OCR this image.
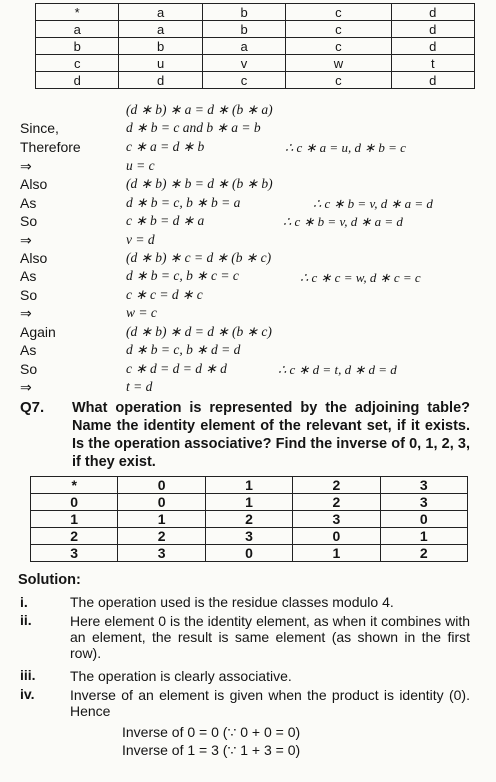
*	a	b	c	d
a	a	b	c	d
b	b	a	c	d
c	u	v	w	t
d	d	c	c	d
(d ∗ b) ∗ a = d ∗ (b ∗ a)
Since,	d ∗ b = c and b ∗ a = b
Therefore	c ∗ a = d ∗ b	∴ c ∗ a = u, d ∗ b = c
⇒	u = c
Also	(d ∗ b) ∗ b = d ∗ (b ∗ b)
As	d ∗ b = c, b ∗ b = a	∴ c ∗ b = v, d ∗ a = d
So	c ∗ b = d ∗ a	∴ c ∗ b = v, d ∗ a = d
⇒	v = d
Also	(d ∗ b) ∗ c = d ∗ (b ∗ c)
As	d ∗ b = c, b ∗ c = c	∴ c ∗ c = w, d ∗ c = c
So	c ∗ c = d ∗ c
⇒	w = c
Again	(d ∗ b) ∗ d = d ∗ (b ∗ c)
As	d ∗ b = c, b ∗ d = d
So	c ∗ d = d = d ∗ d	∴ c ∗ d = t, d ∗ d = d
⇒	t = d
Q7. What operation is represented by the adjoining table? Name the identity element of the relevant set, if it exists. Is the operation associative? Find the inverse of 0, 1, 2, 3, if they exist.
*	0	1	2	3
0	0	1	2	3
1	1	2	3	0
2	2	3	0	1
3	3	0	1	2
Solution:
i.	The operation used is the residue classes modulo 4.
ii.	Here element 0 is the identity element, as when it combines with an element, the result is same element (as shown in the first row).
iii. The operation is clearly associative.
iv.	Inverse of an element is given when the product is identity (0). Hence
Inverse of 0 = 0 (∵ 0 + 0 = 0)
Inverse of 1 = 3 (∵ 1 + 3 = 0)
